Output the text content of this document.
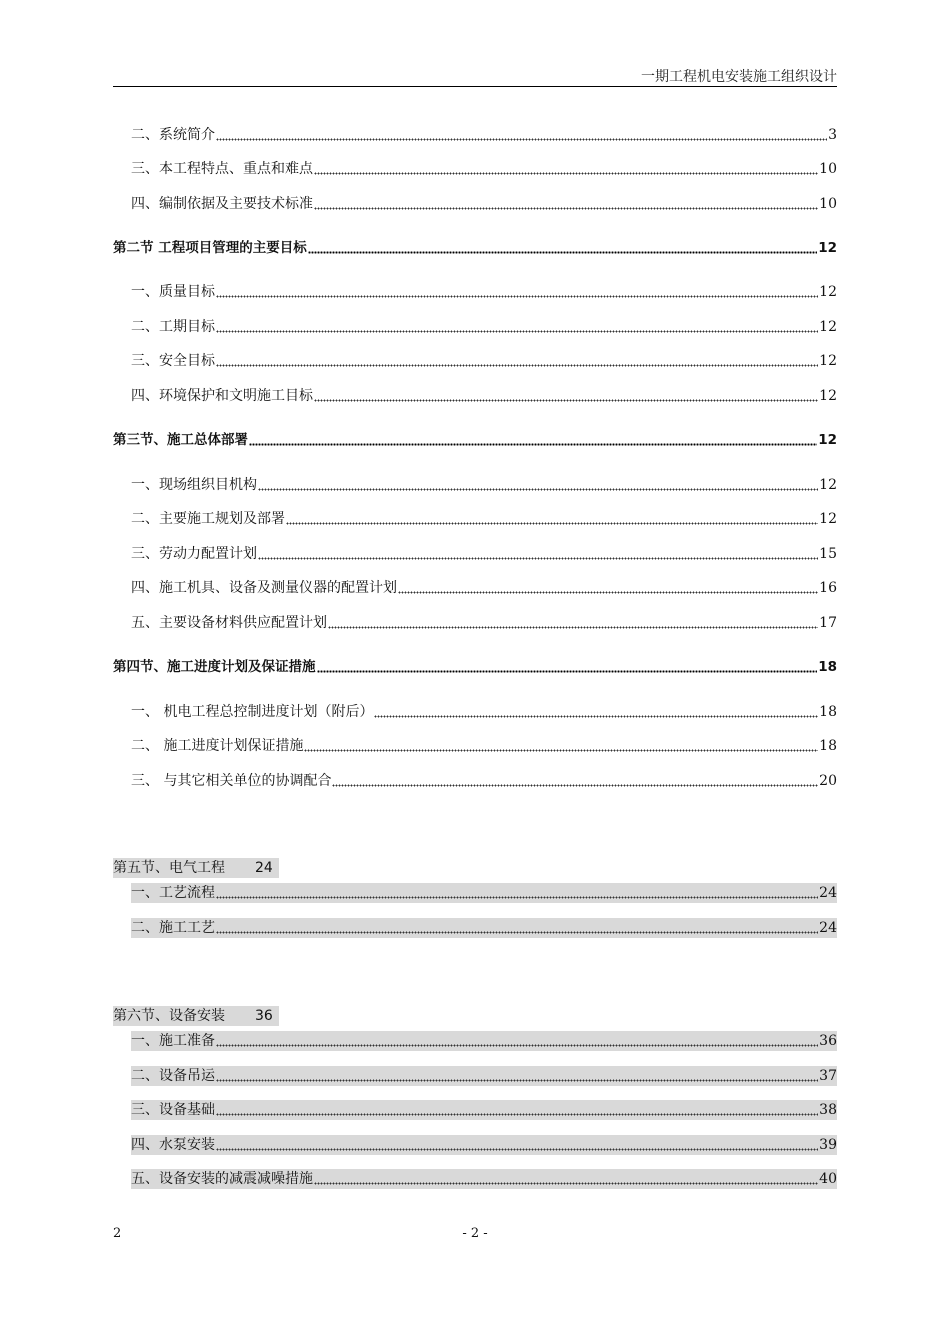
一期工程机电安装施工组织设计
二、系统简介	3
三、本工程特点、重点和难点	10
四、编制依据及主要技术标准	10
第二节 工程项目管理的主要目标	12
一、质量目标	12
二、工期目标	12
三、安全目标	12
四、环境保护和文明施工目标	12
第三节、施工总体部署	12
一、现场组织目机构	12
二、主要施工规划及部署	12
三、劳动力配置计划	15
四、施工机具、设备及测量仪器的配置计划	16
五、主要设备材料供应配置计划	17
第四节、施工进度计划及保证措施	18
一、 机电工程总控制进度计划（附后）	18
二、 施工进度计划保证措施	18
三、 与其它相关单位的协调配合	20
第五节、电气工程 24
一、工艺流程	24
二、施工工艺	24
第六节、设备安装 36
一、施工准备	36
二、设备吊运	37
三、设备基础	38
四、水泵安装	39
五、设备安装的减震减噪措施	40
2	- 2 -
